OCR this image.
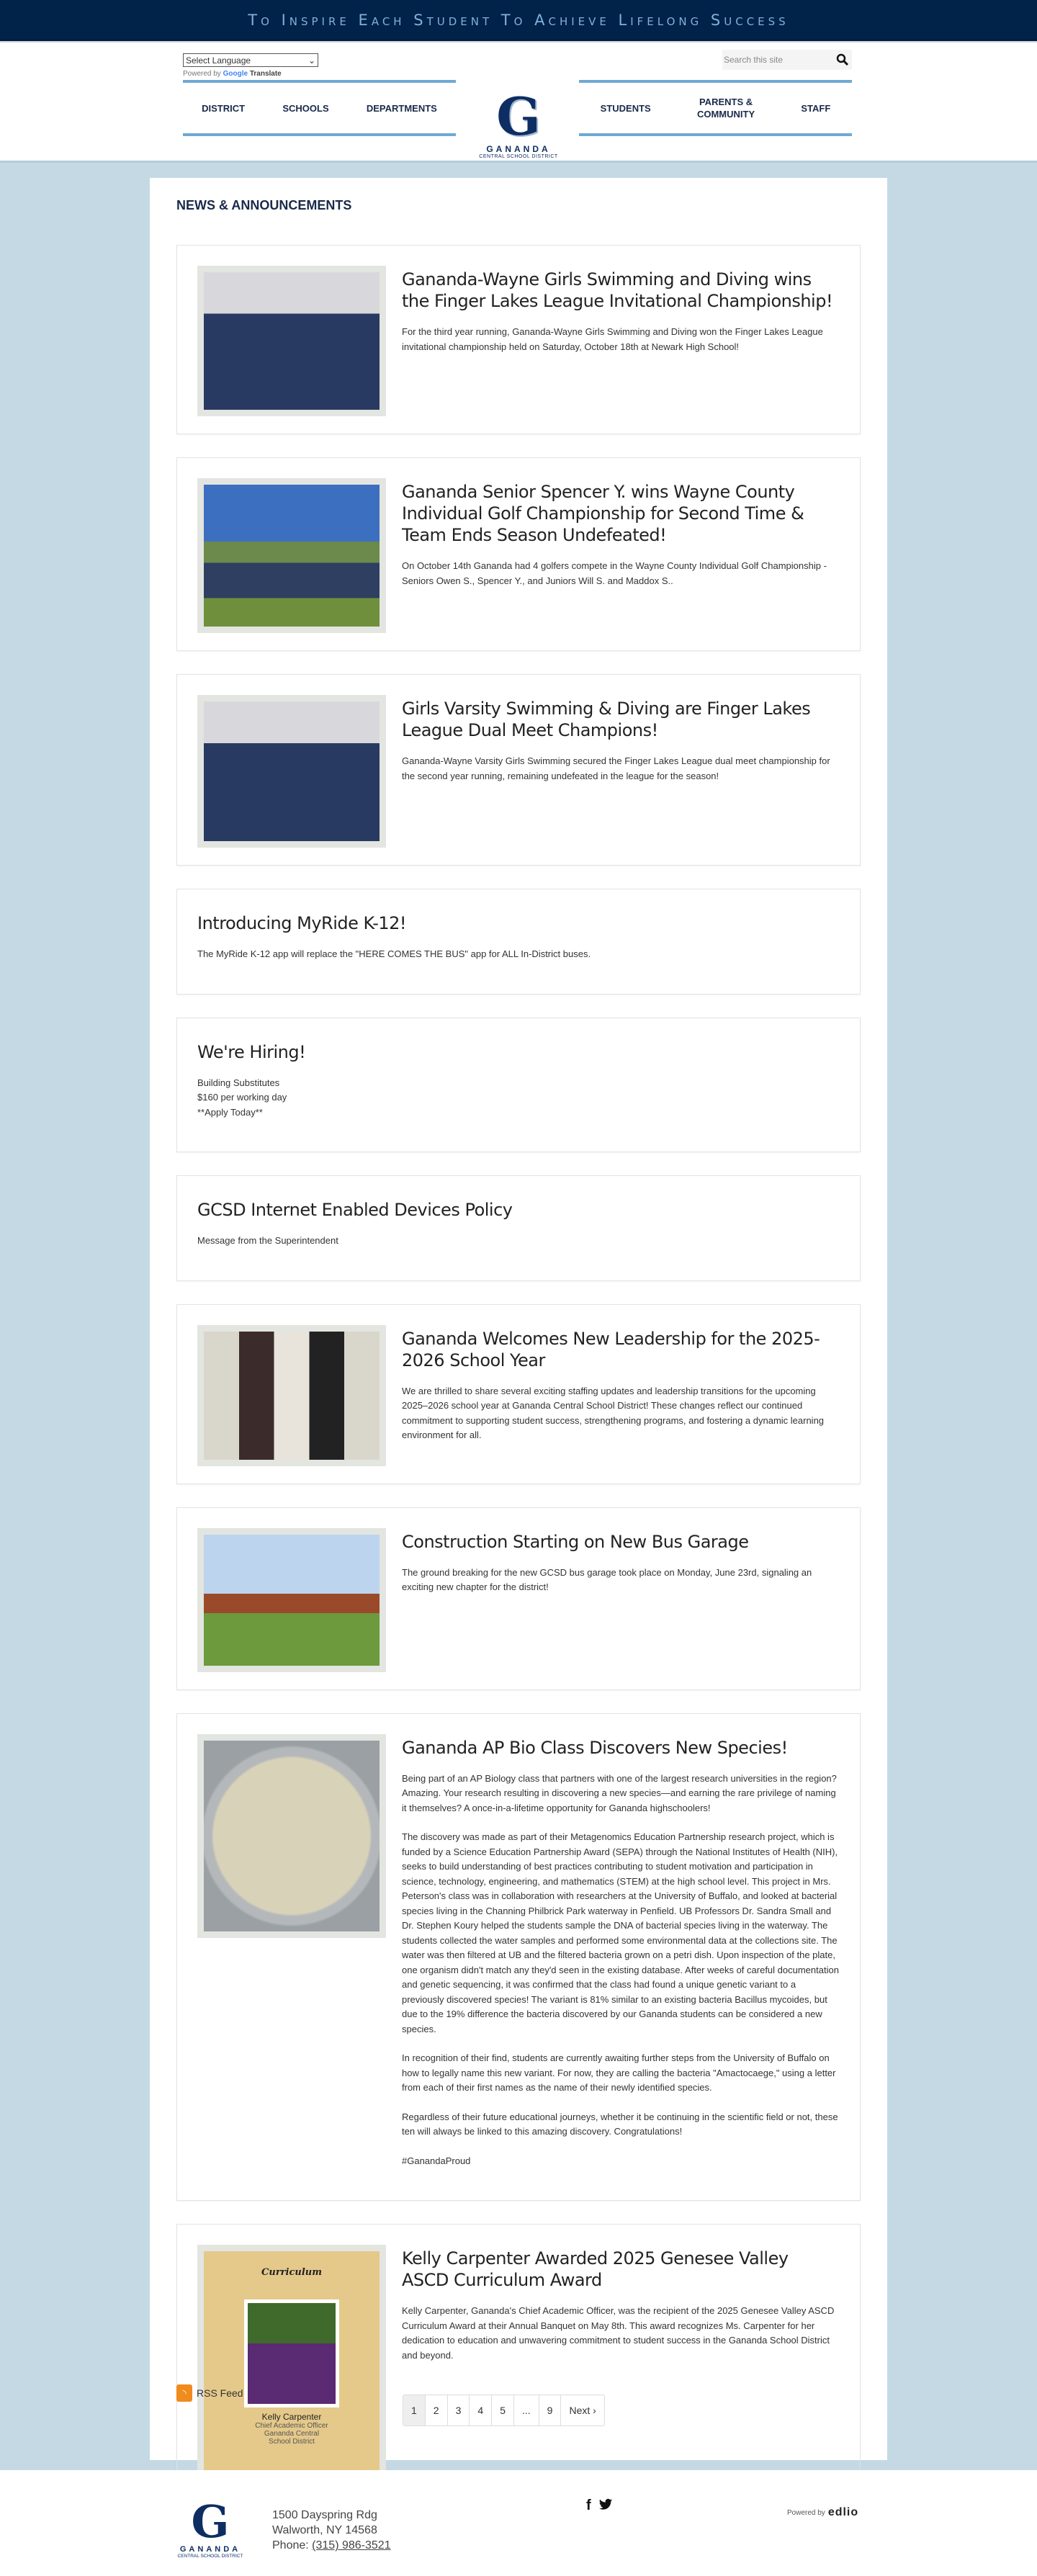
To Inspire Each Student To Achieve Lifelong Success
Select Language	⌄
Powered by Google Translate
Search this site
DISTRICT	SCHOOLS	DEPARTMENTS	G
GANANDA
CENTRAL SCHOOL DISTRICT
STUDENTS
PARENTS & COMMUNITY
STAFF
NEWS & ANNOUNCEMENTS
Gananda-Wayne Girls Swimming and Diving wins the Finger Lakes League Invitational Championship!

For the third year running, Gananda-Wayne Girls Swimming and Diving won the Finger Lakes League invitational championship held on Saturday, October 18th at Newark High School!

Gananda Senior Spencer Y. wins Wayne County Individual Golf Championship for Second Time & Team Ends Season Undefeated!

On October 14th Gananda had 4 golfers compete in the Wayne County Individual Golf Championship - Seniors Owen S., Spencer Y., and Juniors Will S. and Maddox S..

Girls Varsity Swimming & Diving are Finger Lakes League Dual Meet Champions!

Gananda-Wayne Varsity Girls Swimming secured the Finger Lakes League dual meet championship for the second year running, remaining undefeated in the league for the season!

Introducing MyRide K-12!

The MyRide K-12 app will replace the "HERE COMES THE BUS" app for ALL In-District buses.

We're Hiring!

Building Substitutes
$160 per working day
**Apply Today**

GCSD Internet Enabled Devices Policy

Message from the Superintendent

Gananda Welcomes New Leadership for the 2025-2026 School Year

We are thrilled to share several exciting staffing updates and leadership transitions for the upcoming 2025–2026 school year at Gananda Central School District! These changes reflect our continued commitment to supporting student success, strengthening programs, and fostering a dynamic learning environment for all.

Construction Starting on New Bus Garage

The ground breaking for the new GCSD bus garage took place on Monday, June 23rd, signaling an exciting new chapter for the district!

Gananda AP Bio Class Discovers New Species!

Being part of an AP Biology class that partners with one of the largest research universities in the region? Amazing. Your research resulting in discovering a new species—and earning the rare privilege of naming it themselves? A once-in-a-lifetime opportunity for Gananda highschoolers!

The discovery was made as part of their Metagenomics Education Partnership research project, which is funded by a Science Education Partnership Award (SEPA) through the National Institutes of Health (NIH), seeks to build understanding of best practices contributing to student motivation and participation in science, technology, engineering, and mathematics (STEM) at the high school level. This project in Mrs. Peterson's class was in collaboration with researchers at the University of Buffalo, and looked at bacterial species living in the Channing Philbrick Park waterway in Penfield. UB Professors Dr. Sandra Small and Dr. Stephen Koury helped the students sample the DNA of bacterial species living in the waterway. The students collected the water samples and performed some environmental data at the collections site. The water was then filtered at UB and the filtered bacteria grown on a petri dish. Upon inspection of the plate, one organism didn't match any they'd seen in the existing database. After weeks of careful documentation and genetic sequencing, it was confirmed that the class had found a unique genetic variant to a previously discovered species! The variant is 81% similar to an existing bacteria Bacillus mycoides, but due to the 19% difference the bacteria discovered by our Gananda students can be considered a new species.

In recognition of their find, students are currently awaiting further steps from the University of Buffalo on how to legally name this new variant. For now, they are calling the bacteria "Amactocaege," using a letter from each of their first names as the name of their newly identified species.

Regardless of their future educational journeys, whether it be continuing in the scientific field or not, these ten will always be linked to this amazing discovery. Congratulations!

#GanandaProud

Curriculum
Kelly Carpenter
Chief Academic Officer
Gananda Central School District
Kelly Carpenter Awarded 2025 Genesee Valley ASCD Curriculum Award

Kelly Carpenter, Gananda's Chief Academic Officer, was the recipient of the 2025 Genesee Valley ASCD Curriculum Award at their Annual Banquet on May 8th. This award recognizes Ms. Carpenter for her dedication to education and unwavering commitment to student success in the Gananda School District and beyond.

◝	RSS Feed
1	2	3	4	5	...	9	Next ›
G
GANANDA
CENTRAL SCHOOL DISTRICT
1500 Dayspring Rdg
Walworth, NY 14568
Phone: (315) 986-3521
f	Powered by edlio
